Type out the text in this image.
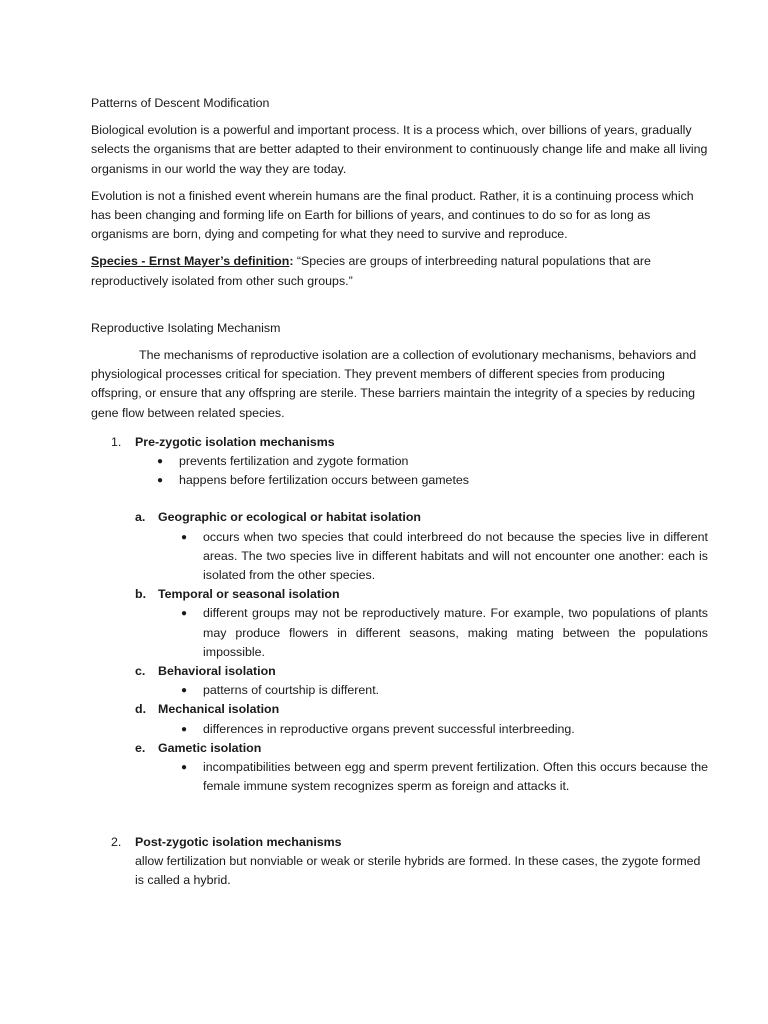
Patterns of Descent Modification

Biological evolution is a powerful and important process. It is a process which, over billions of years, gradually selects the organisms that are better adapted to their environment to continuously change life and make all living organisms in our world the way they are today.

Evolution is not a finished event wherein humans are the final product. Rather, it is a continuing process which has been changing and forming life on Earth for billions of years, and continues to do so for as long as organisms are born, dying and competing for what they need to survive and reproduce.

Species - Ernst Mayer’s definition: “Species are groups of interbreeding natural populations that are reproductively isolated from other such groups.”

Reproductive Isolating Mechanism

The mechanisms of reproductive isolation are a collection of evolutionary mechanisms, behaviors and physiological processes critical for speciation. They prevent members of different species from producing offspring, or ensure that any offspring are sterile. These barriers maintain the integrity of a species by reducing gene flow between related species.

1. Pre-zygotic isolation mechanisms
● prevents fertilization and zygote formation
● happens before fertilization occurs between gametes
a. Geographic or ecological or habitat isolation
● occurs when two species that could interbreed do not because the species live in different areas. The two species live in different habitats and will not encounter one another: each is isolated from the other species.
b. Temporal or seasonal isolation
● different groups may not be reproductively mature. For example, two populations of plants may produce flowers in different seasons, making mating between the populations impossible.
c. Behavioral isolation
● patterns of courtship is different.
d. Mechanical isolation
● differences in reproductive organs prevent successful interbreeding.
e. Gametic isolation
● incompatibilities between egg and sperm prevent fertilization. Often this occurs because the female immune system recognizes sperm as foreign and attacks it.
2. Post-zygotic isolation mechanisms

allow fertilization but nonviable or weak or sterile hybrids are formed. In these cases, the zygote formed is called a hybrid.
